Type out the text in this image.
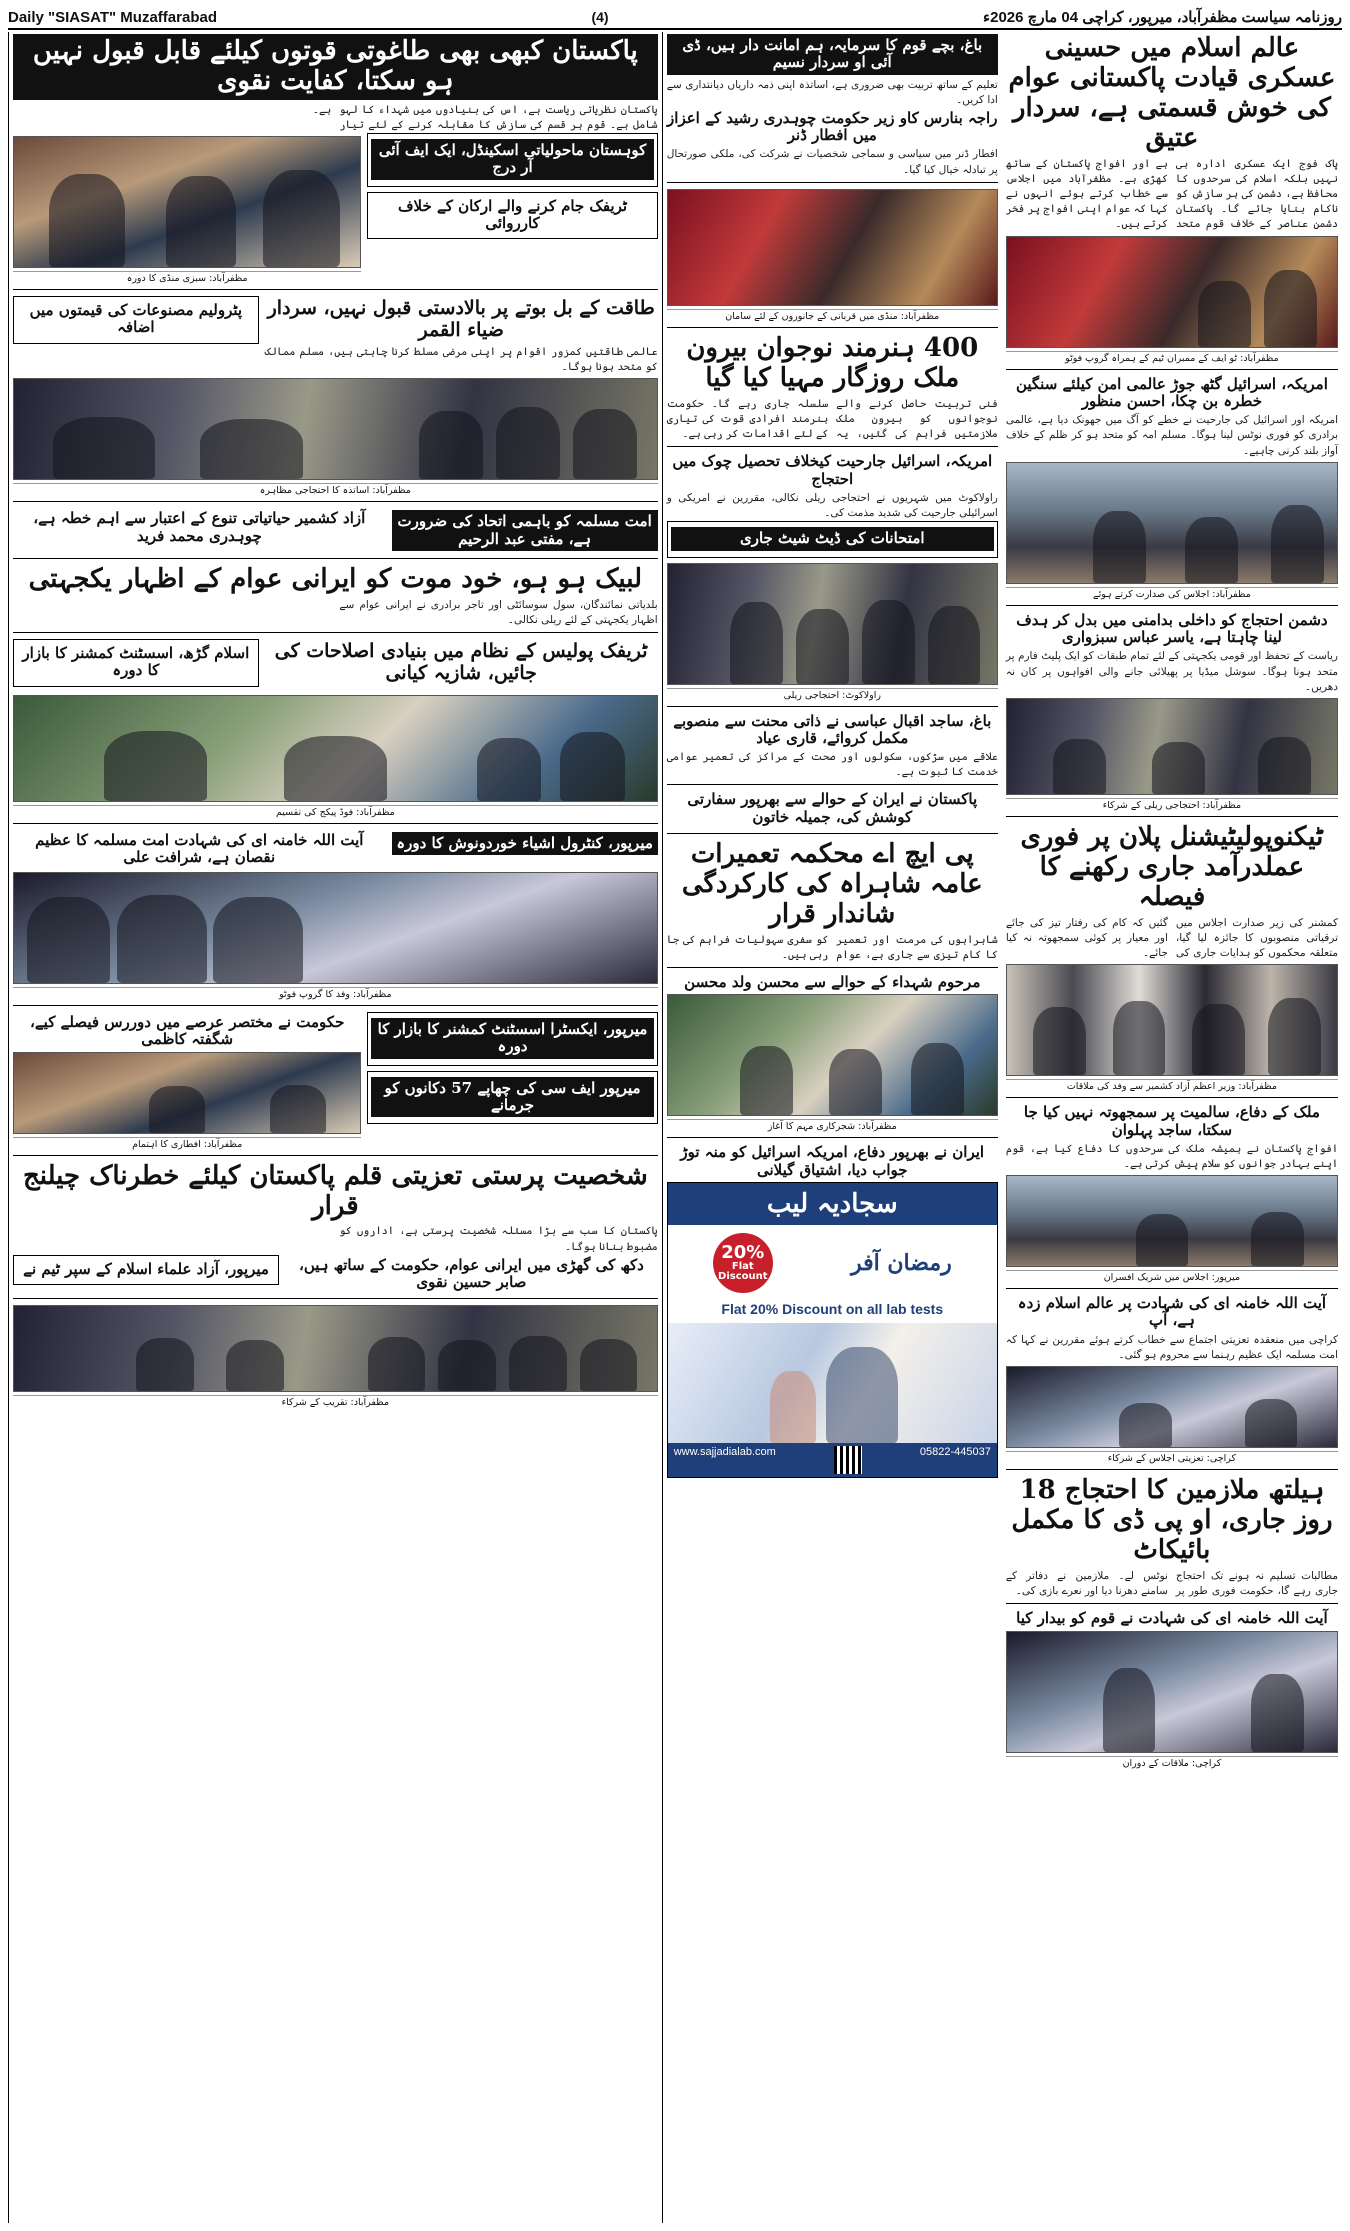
Daily "SIASAT" Muzaffarabad	(4)	روزنامہ سیاست مظفرآباد، میرپور، کراچی 04 مارچ 2026ء
عالم اسلام میں حسینی عسکری قیادت پاکستانی عوام کی خوش قسمتی ہے، سردار عتیق
پاک فوج ایک عسکری ادارہ ہی نہیں بلکہ اسلام کی سرحدوں کا محافظ ہے، دشمن کی ہر سازش کو ناکام بنایا جائے گا۔ پاکستان دشمن عناصر کے خلاف قوم متحد ہے اور افواج پاکستان کے ساتھ کھڑی ہے۔ مظفرآباد میں اجلاس سے خطاب کرتے ہوئے انہوں نے کہا کہ عوام اپنی افواج پر فخر کرتے ہیں۔
مظفرآباد: ٹو ایف کے ممبران ٹیم کے ہمراہ گروپ فوٹو
امریکہ، اسرائیل گٹھ جوڑ عالمی امن کیلئے سنگین خطرہ بن چکا، احسن منظور
امریکہ اور اسرائیل کی جارحیت نے خطے کو آگ میں جھونک دیا ہے، عالمی برادری کو فوری نوٹس لینا ہوگا۔ مسلم امہ کو متحد ہو کر ظلم کے خلاف آواز بلند کرنی چاہیے۔
مظفرآباد: اجلاس کی صدارت کرتے ہوئے
دشمن احتجاج کو داخلی بدامنی میں بدل کر ہدف لینا چاہتا ہے، یاسر عباس سبزواری
ریاست کے تحفظ اور قومی یکجہتی کے لئے تمام طبقات کو ایک پلیٹ فارم پر متحد ہونا ہوگا۔ سوشل میڈیا پر پھیلائی جانے والی افواہوں پر کان نہ دھریں۔
مظفرآباد: احتجاجی ریلی کے شرکاء
ٹیکنوپولیٹیشنل پلان پر فوری عملدرآمد جاری رکھنے کا فیصلہ
کمشنر کی زیر صدارت اجلاس میں ترقیاتی منصوبوں کا جائزہ لیا گیا، متعلقہ محکموں کو ہدایات جاری کی گئیں کہ کام کی رفتار تیز کی جائے اور معیار پر کوئی سمجھوتہ نہ کیا جائے۔
مظفرآباد: وزیر اعظم آزاد کشمیر سے وفد کی ملاقات
ملک کے دفاع، سالمیت پر سمجھوتہ نہیں کیا جا سکتا، ساجد پہلوان
افواج پاکستان نے ہمیشہ ملک کی سرحدوں کا دفاع کیا ہے، قوم اپنے بہادر جوانوں کو سلام پیش کرتی ہے۔
میرپور: اجلاس میں شریک افسران
آیت اللہ خامنہ ای کی شہادت پر عالم اسلام زدہ ہے، آپ
کراچی میں منعقدہ تعزیتی اجتماع سے خطاب کرتے ہوئے مقررین نے کہا کہ امت مسلمہ ایک عظیم رہنما سے محروم ہو گئی۔
کراچی: تعزیتی اجلاس کے شرکاء
ہیلتھ ملازمین کا احتجاج 18 روز جاری، او پی ڈی کا مکمل بائیکاٹ
مطالبات تسلیم نہ ہونے تک احتجاج جاری رہے گا، حکومت فوری طور پر نوٹس لے۔ ملازمین نے دفاتر کے سامنے دھرنا دیا اور نعرے بازی کی۔
آیت اللہ خامنہ ای کی شہادت نے قوم کو بیدار کیا
کراچی: ملاقات کے دوران
باغ، بچے قوم کا سرمایہ، ہم امانت دار ہیں، ڈی آئی او سردار نسیم
تعلیم کے ساتھ تربیت بھی ضروری ہے، اساتذہ اپنی ذمہ داریاں دیانتداری سے ادا کریں۔
راجہ بنارس کاو زیر حکومت چوہدری رشید کے اعزاز میں افطار ڈنر
افطار ڈنر میں سیاسی و سماجی شخصیات نے شرکت کی، ملکی صورتحال پر تبادلہ خیال کیا گیا۔
مظفرآباد: منڈی میں قربانی کے جانوروں کے لئے سامان
400 ہنرمند نوجوان بیرون ملک روزگار مہیا کیا گیا
فنی تربیت حاصل کرنے والے نوجوانوں کو بیرون ملک ملازمتیں فراہم کی گئیں، یہ سلسلہ جاری رہے گا۔ حکومت ہنرمند افرادی قوت کی تیاری کے لئے اقدامات کر رہی ہے۔
امریکہ، اسرائیل جارحیت کیخلاف تحصیل چوک میں احتجاج
راولاکوٹ میں شہریوں نے احتجاجی ریلی نکالی، مقررین نے امریکی و اسرائیلی جارحیت کی شدید مذمت کی۔
امتحانات کی ڈیٹ شیٹ جاری
راولاکوٹ: احتجاجی ریلی
باغ، ساجد اقبال عباسی نے ذاتی محنت سے منصوبے مکمل کروائے، قاری عیاد
علاقے میں سڑکوں، سکولوں اور صحت کے مراکز کی تعمیر عوامی خدمت کا ثبوت ہے۔
پاکستان نے ایران کے حوالے سے بھرپور سفارتی کوشش کی، جمیلہ خاتون
پی ایچ اے محکمہ تعمیرات عامہ شاہراہ کی کارکردگی شاندار قرار
شاہراہوں کی مرمت اور تعمیر کا کام تیزی سے جاری ہے، عوام کو سفری سہولیات فراہم کی جا رہی ہیں۔
مرحوم شہداء کے حوالے سے محسن ولد محسن
مظفرآباد: شجرکاری مہم کا آغاز
ایران نے بھرپور دفاع، امریکہ اسرائیل کو منہ توڑ جواب دیا، اشتیاق گیلانی
سجادیہ لیب
رمضان آفر
20%
Flat Discount
Flat 20% Discount on all lab tests
www.sajjadialab.com	05822-445037
پاکستان کبھی بھی طاغوتی قوتوں کیلئے قابل قبول نہیں ہو سکتا، کفایت نقوی
پاکستان نظریاتی ریاست ہے، اس کی بنیادوں میں شہداء کا لہو شامل ہے۔ قوم ہر قسم کی سازش کا مقابلہ کرنے کے لئے تیار ہے۔
کوہستان ماحولیاتی اسکینڈل، ایک ایف آئی آر درج
ٹریفک جام کرنے والے ارکان کے خلاف کارروائی
مظفرآباد: سبزی منڈی کا دورہ
طاقت کے بل بوتے پر بالادستی قبول نہیں، سردار ضیاء القمر
عالمی طاقتیں کمزور اقوام پر اپنی مرضی مسلط کرنا چاہتی ہیں، مسلم ممالک کو متحد ہونا ہوگا۔
پٹرولیم مصنوعات کی قیمتوں میں اضافہ
مظفرآباد: اساتذہ کا احتجاجی مظاہرہ
امت مسلمہ کو باہمی اتحاد کی ضرورت ہے، مفتی عبد الرحیم
آزاد کشمیر حیاتیاتی تنوع کے اعتبار سے اہم خطہ ہے، چوہدری محمد فرید
لبیک ہو ہو، خود موت کو ایرانی عوام کے اظہار یکجہتی
بلدیاتی نمائندگان، سول سوسائٹی اور تاجر برادری نے ایرانی عوام سے اظہار یکجہتی کے لئے ریلی نکالی۔
ٹریفک پولیس کے نظام میں بنیادی اصلاحات کی جائیں، شازیہ کیانی
اسلام گڑھ، اسسٹنٹ کمشنر کا بازار کا دورہ
مظفرآباد: فوڈ پیکج کی تقسیم
میرپور، کنٹرول اشیاء خوردونوش کا دورہ
آیت اللہ خامنہ ای کی شہادت امت مسلمہ کا عظیم نقصان ہے، شرافت علی
مظفرآباد: وفد کا گروپ فوٹو
میرپور، ایکسٹرا اسسٹنٹ کمشنر کا بازار کا دورہ
میرپور ایف سی کی چھاپے 57 دکانوں کو جرمانے
حکومت نے مختصر عرصے میں دوررس فیصلے کیے، شگفتہ کاظمی
مظفرآباد: افطاری کا اہتمام
شخصیت پرستی تعزیتی قلم پاکستان کیلئے خطرناک چیلنج قرار
پاکستان کا سب سے بڑا مسئلہ شخصیت پرستی ہے، اداروں کو مضبوط بنانا ہوگا۔
دکھ کی گھڑی میں ایرانی عوام، حکومت کے ساتھ ہیں، صابر حسین نقوی
میرپور، آزاد علماء اسلام کے سپر ٹیم نے
مظفرآباد: تقریب کے شرکاء
